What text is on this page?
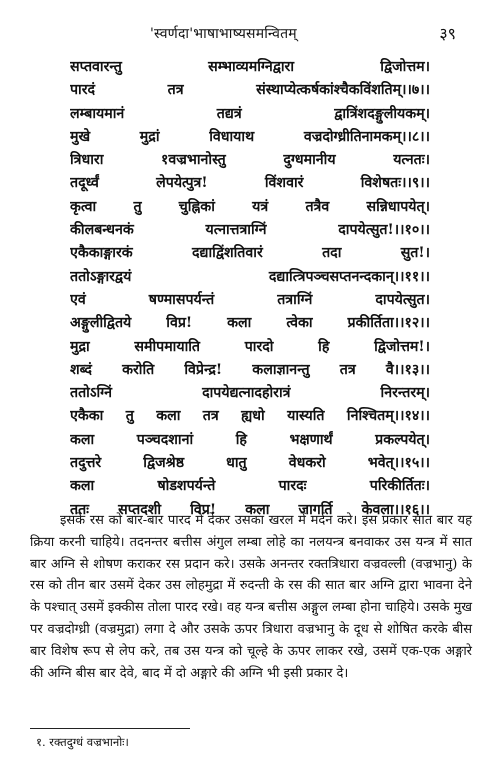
'स्वर्णदा'भाषाभाष्यसमन्वितम्	३९
सप्तवारन्तु सम्भाव्यमग्निद्वारा द्विजोत्तम।
पारदं तत्र संस्थाप्येत्कर्षकांश्चैकविंशतिम्।।७।।
लम्बायमानं तद्यत्रं द्वात्रिंशदङ्गुलीयकम्।
मुखे मुद्रां विधायाथ वज्रदोग्ध्रीतिनामकम्।।८।।
त्रिधारा १वज्रभानोस्तु दुग्धमानीय यत्नतः।
तदूर्ध्वं लेपयेत्पुत्र! विंशवारं विशेषतः।।९।।
कृत्वा तु चुह्निकां यत्रं तत्रैव सन्निधापयेत्।
कीलबन्धनकं यत्नात्तत्राग्निं दापयेत्सुत!।।१०।।
एकैकाङ्गारकं दद्याद्विंशतिवारं तदा सुत!।
ततोऽङ्गारद्वयं दद्यात्त्रिपञ्चसप्तनन्दकान्।।११।।
एवं षण्मासपर्यन्तं तत्राग्निं दापयेत्सुत।
अङ्गुलीद्वितये विप्र! कला त्वेका प्रकीर्तिता।।१२।।
मुद्रा समीपमायाति पारदो हि द्विजोत्तम!।
शब्दं करोति विप्रेन्द्र! कलाज्ञानन्तु तत्र वै।।१३।।
ततोऽग्निं दापयेद्यत्नादहोरात्रं निरन्तरम्।
एकैका तु कला तत्र ह्यधो यास्यति निश्चितम्।।१४।।
कला पञ्चदशानां हि भक्षणार्थं प्रकल्पयेत्।
तदुत्तरे द्विजश्रेष्ठ धातु वेधकरो भवेत्।।१५।।
कला षोडशपर्यन्ते पारदः परिकीर्तितः।
ततः सप्तदशी विप्र! कला जागर्ति केवला।।१६।।

इसके रस को बार-बार पारद में देकर उसका खरल में मर्दन करे। इस प्रकार सात बार यह क्रिया करनी चाहिये। तदनन्तर बत्तीस अंगुल लम्बा लोहे का नलयन्त्र बनवाकर उस यन्त्र में सात बार अग्नि से शोषण कराकर रस प्रदान करे। उसके अनन्तर रक्तत्रिधारा वज्रवल्ली (वज्रभानु) के रस को तीन बार उसमें देकर उस लोहमुद्रा में रुदन्ती के रस की सात बार अग्नि द्वारा भावना देने के पश्चात् उसमें इक्कीस तोला पारद रखे। वह यन्त्र बत्तीस अङ्गुल लम्बा होना चाहिये। उसके मुख पर वज्रदोग्ध्री (वज्रमुद्रा) लगा दे और उसके ऊपर त्रिधारा वज्रभानु के दूध से शोषित करके बीस बार विशेष रूप से लेप करे, तब उस यन्त्र को चूल्हे के ऊपर लाकर रखे, उसमें एक-एक अङ्गारे की अग्नि बीस बार देवे, बाद में दो अङ्गारे की अग्नि भी इसी प्रकार दे।

१. रक्तदुग्धं वज्रभानोः।
